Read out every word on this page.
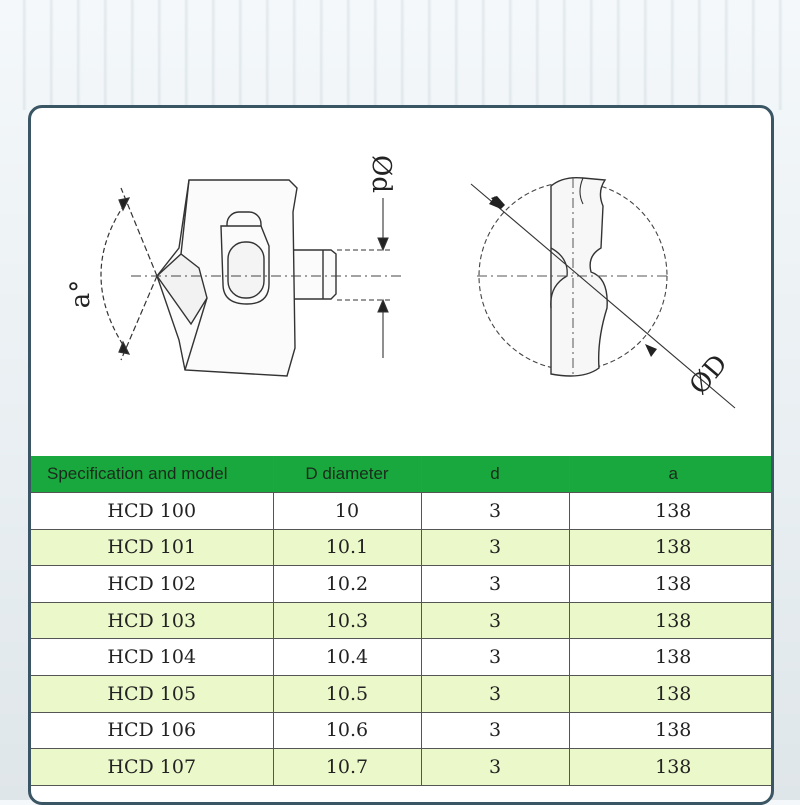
a°
Ød
ØD
Specification and model	D diameter	d	a
HCD 100	10	3	138
HCD 101	10.1	3	138
HCD 102	10.2	3	138
HCD 103	10.3	3	138
HCD 104	10.4	3	138
HCD 105	10.5	3	138
HCD 106	10.6	3	138
HCD 107	10.7	3	138
